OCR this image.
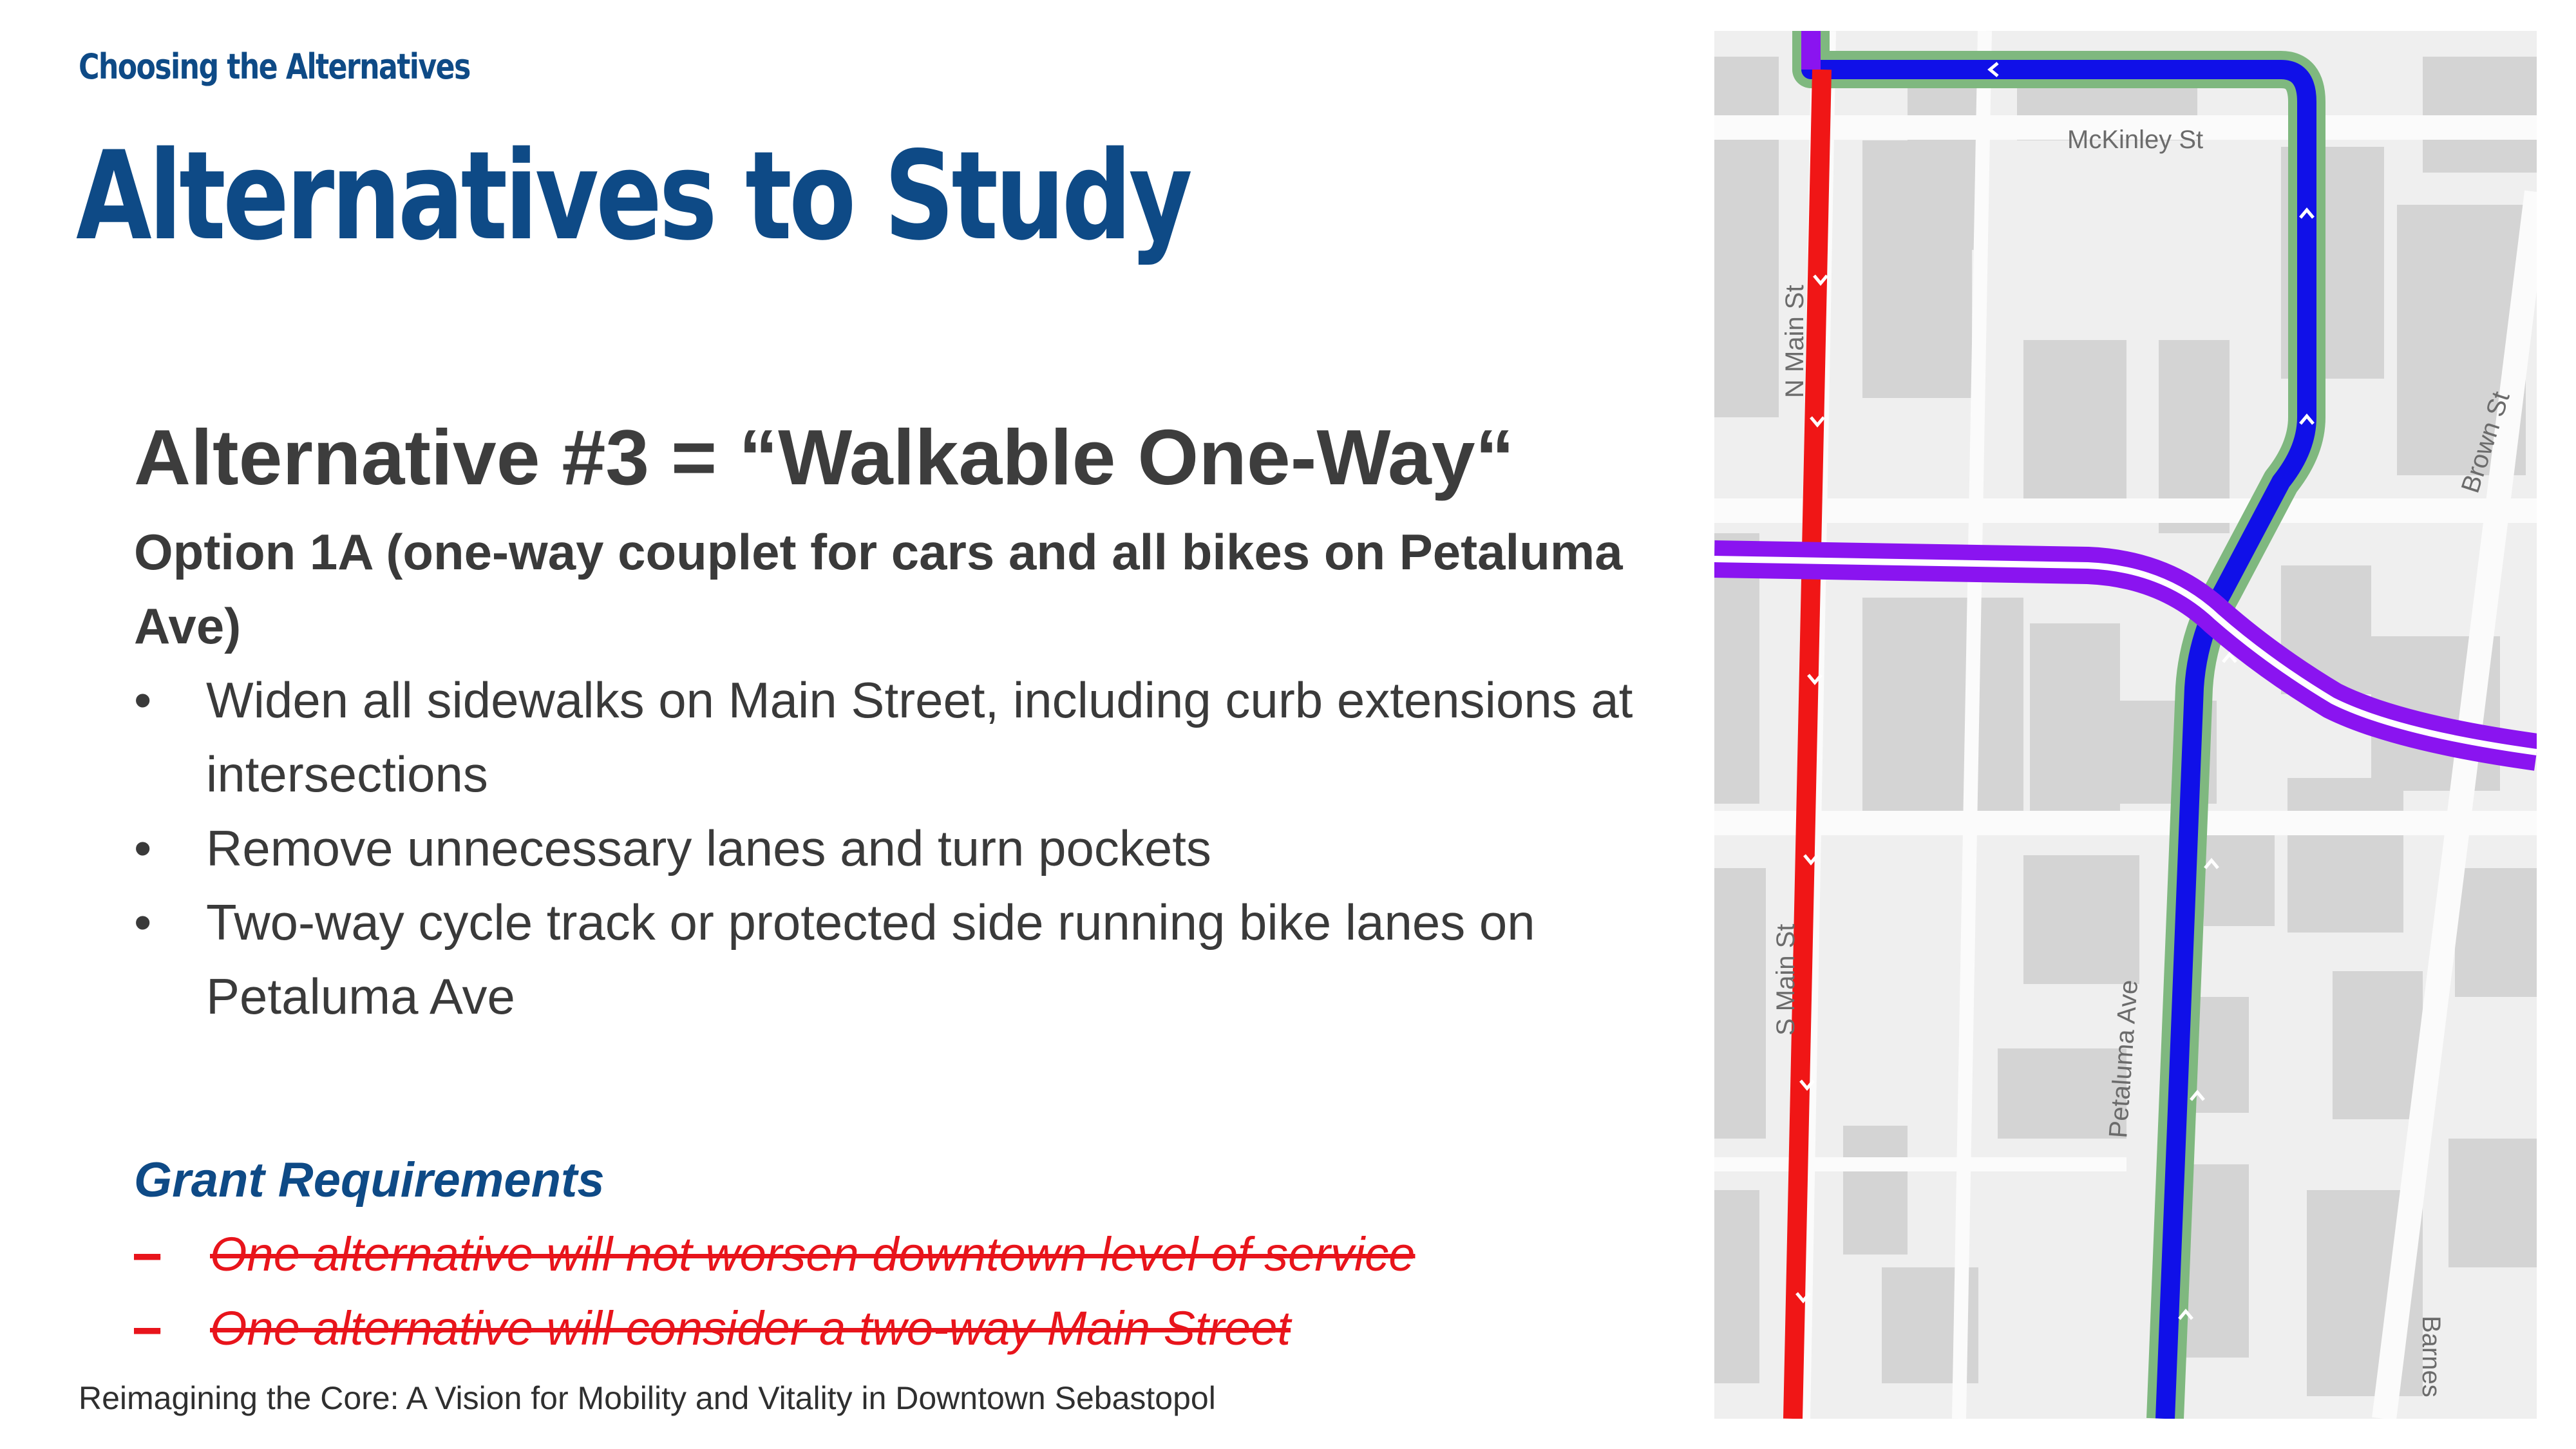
Choosing the Alternatives
Alternatives to Study

Alternative #3 = “Walkable One-Way“

Option 1A (one-way couplet for cars and all bikes on Petaluma Ave)

•	Widen all sidewalks on Main Street, including curb extensions at intersections
•	Remove unnecessary lanes and turn pockets
•	Two-way cycle track or protected side running bike lanes on Petaluma Ave
Grant Requirements
– One alternative will not worsen downtown level of service
– One alternative will consider a two-way Main Street
Reimagining the Core: A Vision for Mobility and Vitality in Downtown Sebastopol
McKinley St
N Main St
S Main St
Brown St
Petaluma Ave
Barnes
